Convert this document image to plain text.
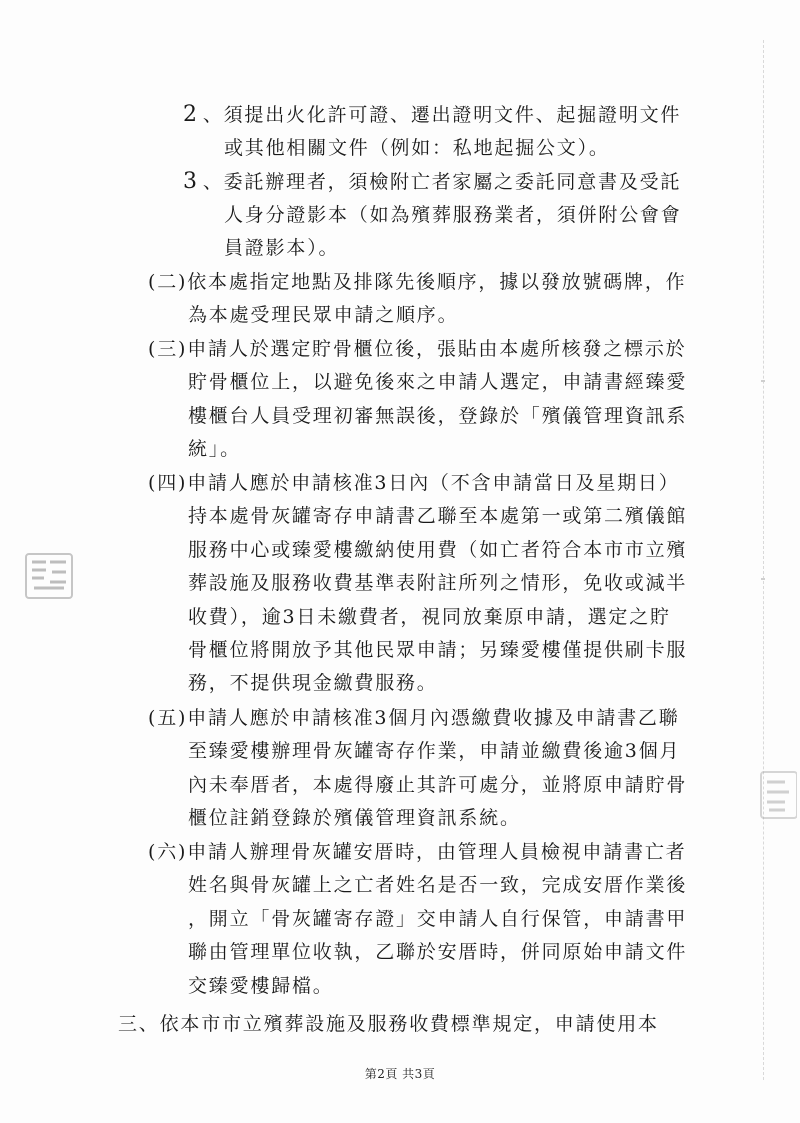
2 、須提出火化許可證、遷出證明文件、起掘證明文件
或其他相關文件（例如：私地起掘公文）。
3 、委託辦理者，須檢附亡者家屬之委託同意書及受託
人身分證影本（如為殯葬服務業者，須併附公會會
員證影本）。
(二)依本處指定地點及排隊先後順序，據以發放號碼牌，作
為本處受理民眾申請之順序。
(三)申請人於選定貯骨櫃位後，張貼由本處所核發之標示於
貯骨櫃位上，以避免後來之申請人選定，申請書經臻愛
樓櫃台人員受理初審無誤後，登錄於「殯儀管理資訊系
統」。
(四)申請人應於申請核准3日內（不含申請當日及星期日）
持本處骨灰罐寄存申請書乙聯至本處第一或第二殯儀館
服務中心或臻愛樓繳納使用費（如亡者符合本市市立殯
葬設施及服務收費基準表附註所列之情形，免收或減半
收費），逾3日未繳費者，視同放棄原申請，選定之貯
骨櫃位將開放予其他民眾申請；另臻愛樓僅提供刷卡服
務，不提供現金繳費服務。
(五)申請人應於申請核准3個月內憑繳費收據及申請書乙聯
至臻愛樓辦理骨灰罐寄存作業，申請並繳費後逾3個月
內未奉厝者，本處得廢止其許可處分，並將原申請貯骨
櫃位註銷登錄於殯儀管理資訊系統。
(六)申請人辦理骨灰罐安厝時，由管理人員檢視申請書亡者
姓名與骨灰罐上之亡者姓名是否一致，完成安厝作業後
，開立「骨灰罐寄存證」交申請人自行保管，申請書甲
聯由管理單位收執，乙聯於安厝時，併同原始申請文件
交臻愛樓歸檔。
三、依本市市立殯葬設施及服務收費標準規定，申請使用本
第2頁 共3頁
